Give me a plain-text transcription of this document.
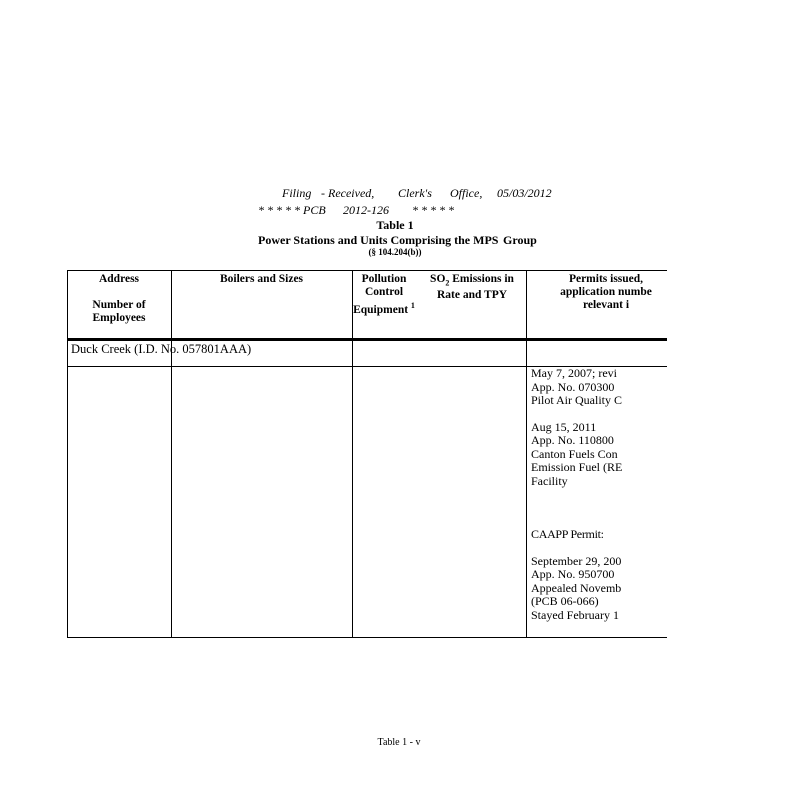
Filing - Received, Clerk's Office, 05/03/2012
* * * * * PCB 2012-126 * * * * *
Table 1
Power Stations and Units Comprising the MPS Group
(§ 104.204(b))
Address
Number of
Employees
Boilers and Sizes	Pollution
Control
Equipment $^1$
$SO_2$ Emissions in
Rate and TPY
Permits issued,
application numbe
relevant i
Duck Creek (I.D. No. 057801AAA)
May 7, 2007; revi
App. No. 070300
Pilot Air Quality C
Aug 15, 2011
App. No. 110800
Canton Fuels Con
Emission Fuel (RE
Facility
CAAPP Permit:
September 29, 200
App. No. 950700
Appealed Novemb
(PCB 06-066)
Stayed February 1
Table 1 - v
